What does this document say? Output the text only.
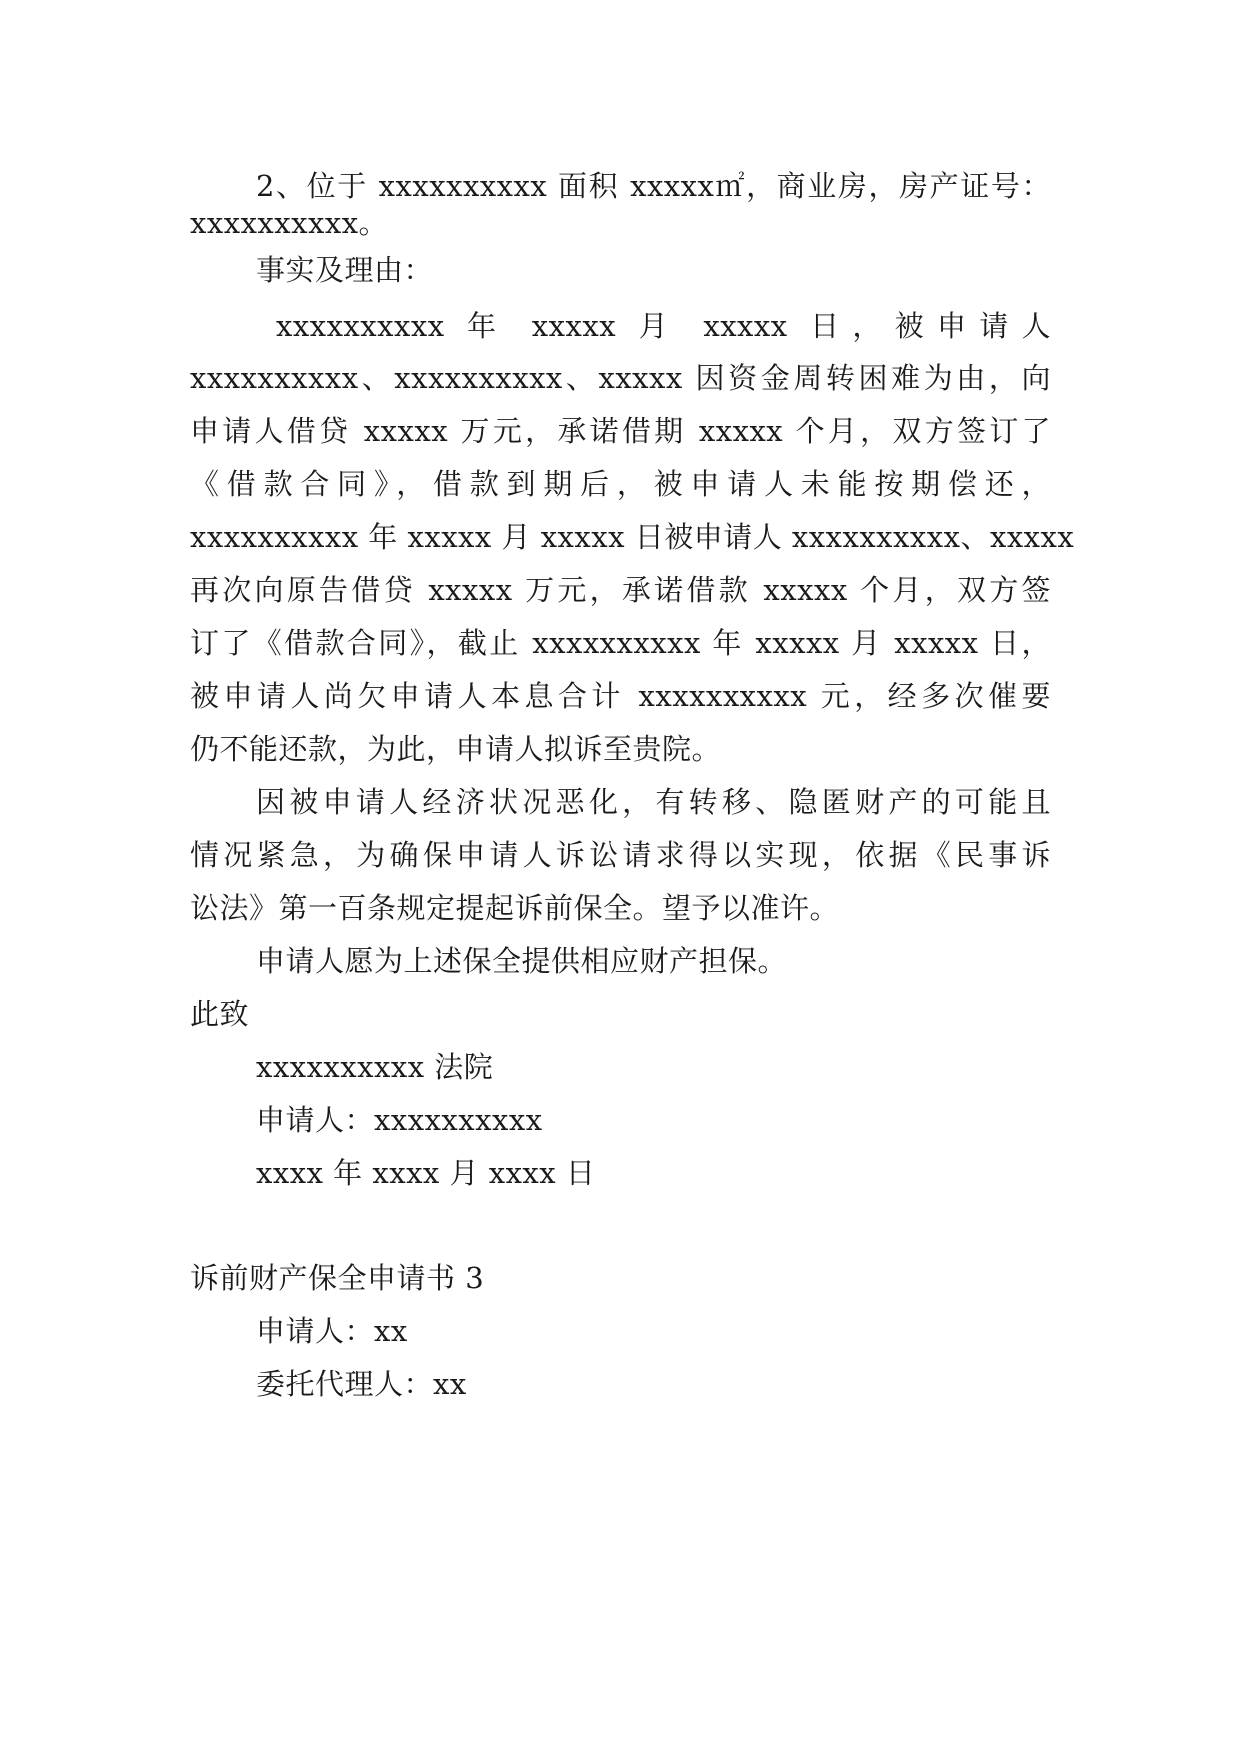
2、位于 xxxxxxxxxx 面积 xxxxx㎡，商业房，房产证号：
xxxxxxxxxx。
事实及理由：
xxxxxxxxxx 年 xxxxx 月 xxxxx 日，被申请人
xxxxxxxxxx、xxxxxxxxxx、xxxxx 因资金周转困难为由，向
申请人借贷 xxxxx 万元，承诺借期 xxxxx 个月，双方签订了
《借款合同》，借款到期后，被申请人未能按期偿还，
xxxxxxxxxx 年 xxxxx 月 xxxxx 日被申请人 xxxxxxxxxx、xxxxx
再次向原告借贷 xxxxx 万元，承诺借款 xxxxx 个月，双方签
订了《借款合同》，截止 xxxxxxxxxx 年 xxxxx 月 xxxxx 日，
被申请人尚欠申请人本息合计 xxxxxxxxxx 元，经多次催要
仍不能还款，为此，申请人拟诉至贵院。
因被申请人经济状况恶化，有转移、隐匿财产的可能且
情况紧急，为确保申请人诉讼请求得以实现，依据《民事诉
讼法》第一百条规定提起诉前保全。望予以准许。
申请人愿为上述保全提供相应财产担保。
此致
xxxxxxxxxx 法院
申请人：xxxxxxxxxx
xxxx 年 xxxx 月 xxxx 日
诉前财产保全申请书 3
申请人：xx
委托代理人：xx
